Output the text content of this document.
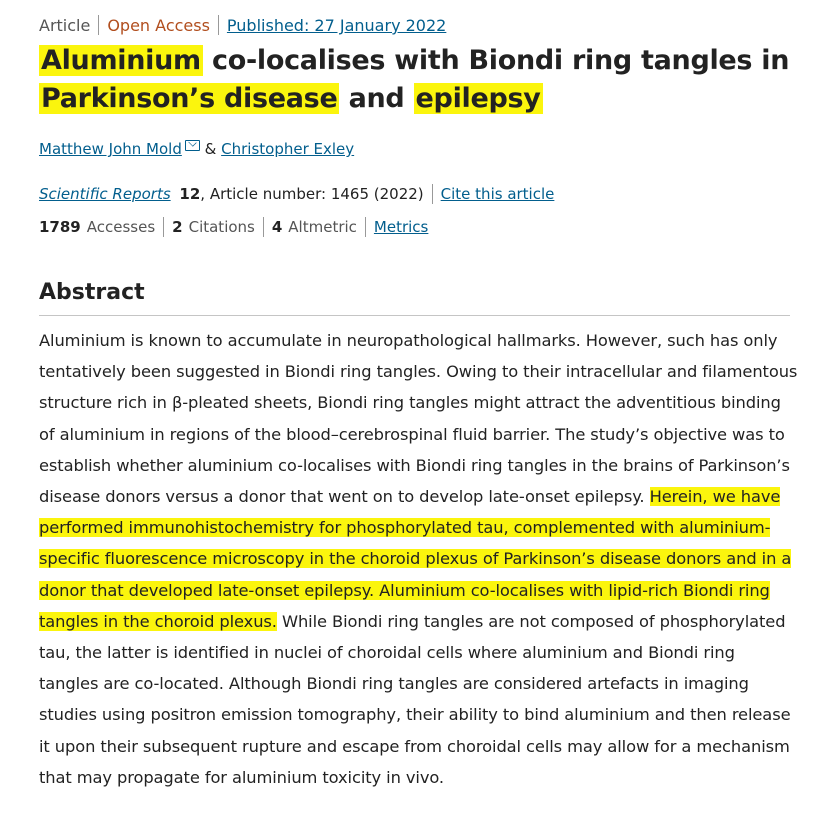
Article Open Access Published: 27 January 2022
Aluminium co-localises with Biondi ring tangles in Parkinson’s disease and epilepsy
Matthew John Mold & Christopher Exley
Scientific Reports 12, Article number: 1465 (2022) Cite this article
1789 Accesses 2 Citations 4 Altmetric Metrics
Abstract

Aluminium is known to accumulate in neuropathological hallmarks. However, such has only tentatively been suggested in Biondi ring tangles. Owing to their intracellular and filamentous structure rich in β-pleated sheets, Biondi ring tangles might attract the adventitious binding of aluminium in regions of the blood–cerebrospinal fluid barrier. The study’s objective was to establish whether aluminium co-localises with Biondi ring tangles in the brains of Parkinson’s disease donors versus a donor that went on to develop late-onset epilepsy. Herein, we have performed immunohistochemistry for phosphorylated tau, complemented with aluminium-specific fluorescence microscopy in the choroid plexus of Parkinson’s disease donors and in a donor that developed late-onset epilepsy. Aluminium co-localises with lipid-rich Biondi ring tangles in the choroid plexus. While Biondi ring tangles are not composed of phosphorylated tau, the latter is identified in nuclei of choroidal cells where aluminium and Biondi ring tangles are co-located. Although Biondi ring tangles are considered artefacts in imaging studies using positron emission tomography, their ability to bind aluminium and then release it upon their subsequent rupture and escape from choroidal cells may allow for a mechanism that may propagate for aluminium toxicity in vivo.
